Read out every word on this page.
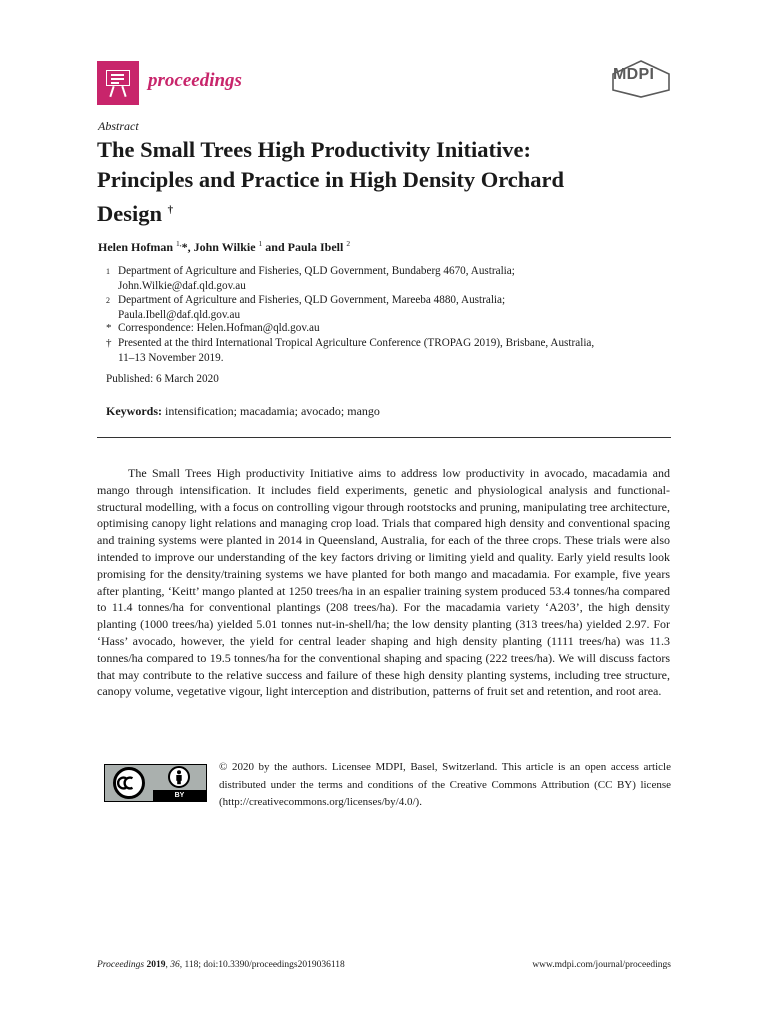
proceedings	MDPI
Abstract
The Small Trees High Productivity Initiative: Principles and Practice in High Density Orchard Design †
Helen Hofman $^{1,}$*, John Wilkie $^1$ and Paula Ibell $^2$
1 Department of Agriculture and Fisheries, QLD Government, Bundaberg 4670, Australia;
John.Wilkie@daf.qld.gov.au
2 Department of Agriculture and Fisheries, QLD Government, Mareeba 4880, Australia;
Paula.Ibell@daf.qld.gov.au
* Correspondence: Helen.Hofman@qld.gov.au
† Presented at the third International Tropical Agriculture Conference (TROPAG 2019), Brisbane, Australia,
11–13 November 2019.
Published: 6 March 2020
Keywords: intensification; macadamia; avocado; mango

The Small Trees High productivity Initiative aims to address low productivity in avocado, macadamia and mango through intensification. It includes field experiments, genetic and physiological analysis and functional-structural modelling, with a focus on controlling vigour through rootstocks and pruning, manipulating tree architecture, optimising canopy light relations and managing crop load. Trials that compared high density and conventional spacing and training systems were planted in 2014 in Queensland, Australia, for each of the three crops. These trials were also intended to improve our understanding of the key factors driving or limiting yield and quality. Early yield results look promising for the density/training systems we have planted for both mango and macadamia. For example, five years after planting, ‘Keitt’ mango planted at 1250 trees/ha in an espalier training system produced 53.4 tonnes/ha compared to 11.4 tonnes/ha for conventional plantings (208 trees/ha). For the macadamia variety ‘A203’, the high density planting (1000 trees/ha) yielded 5.01 tonnes nut-in-shell/ha; the low density planting (313 trees/ha) yielded 2.97. For ‘Hass’ avocado, however, the yield for central leader shaping and high density planting (1111 trees/ha) was 11.3 tonnes/ha compared to 19.5 tonnes/ha for the conventional shaping and spacing (222 trees/ha). We will discuss factors that may contribute to the relative success and failure of these high density planting systems, including tree structure, canopy volume, vegetative vigour, light interception and distribution, patterns of fruit set and retention, and root area.

BY

© 2020 by the authors. Licensee MDPI, Basel, Switzerland. This article is an open access article distributed under the terms and conditions of the Creative Commons Attribution (CC BY) license (http://creativecommons.org/licenses/by/4.0/).

Proceedings 2019, 36, 118; doi:10.3390/proceedings2019036118	www.mdpi.com/journal/proceedings
